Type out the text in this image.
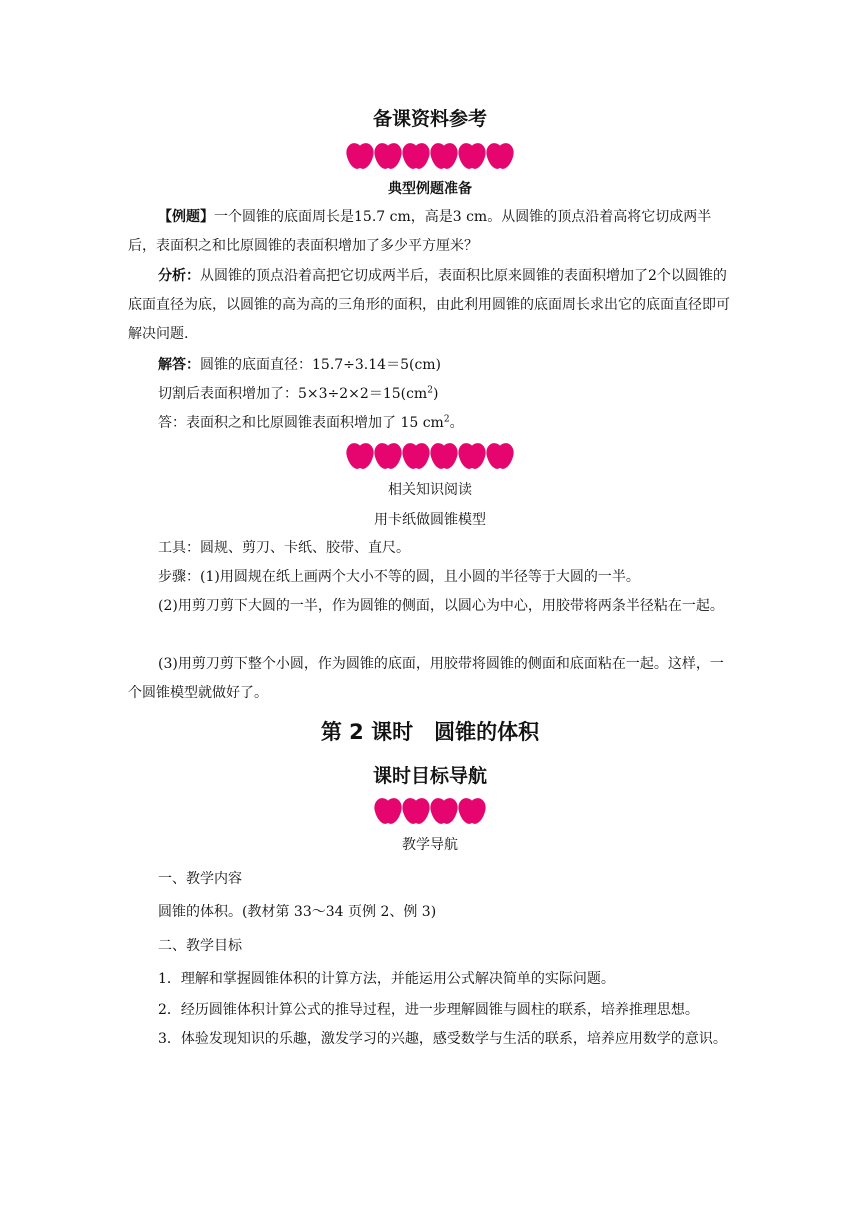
备课资料参考
典型例题准备
【例题】一个圆锥的底面周长是15.7 cm，高是3 cm。从圆锥的顶点沿着高将它切成两半后，表面积之和比原圆锥的表面积增加了多少平方厘米？
分析：从圆锥的顶点沿着高把它切成两半后，表面积比原来圆锥的表面积增加了2个以圆锥的底面直径为底，以圆锥的高为高的三角形的面积，由此利用圆锥的底面周长求出它的底面直径即可解决问题.
解答：圆锥的底面直径：15.7÷3.14＝5(cm)
切割后表面积增加了：$5\times 3\div 2\times 2=15(cm^2)$
答：表面积之和比原圆锥表面积增加了 15 $cm^2$。
相关知识阅读
用卡纸做圆锥模型
工具：圆规、剪刀、卡纸、胶带、直尺。
步骤：(1)用圆规在纸上画两个大小不等的圆，且小圆的半径等于大圆的一半。
(2)用剪刀剪下大圆的一半，作为圆锥的侧面，以圆心为中心，用胶带将两条半径粘在一起。
(3)用剪刀剪下整个小圆，作为圆锥的底面，用胶带将圆锥的侧面和底面粘在一起。这样，一个圆锥模型就做好了。
第 2 课时　圆锥的体积
课时目标导航
教学导航
一、教学内容
圆锥的体积。(教材第 33～34 页例 2、例 3)
二、教学目标
1．理解和掌握圆锥体积的计算方法，并能运用公式解决简单的实际问题。
2．经历圆锥体积计算公式的推导过程，进一步理解圆锥与圆柱的联系，培养推理思想。
3．体验发现知识的乐趣，激发学习的兴趣，感受数学与生活的联系，培养应用数学的意识。
